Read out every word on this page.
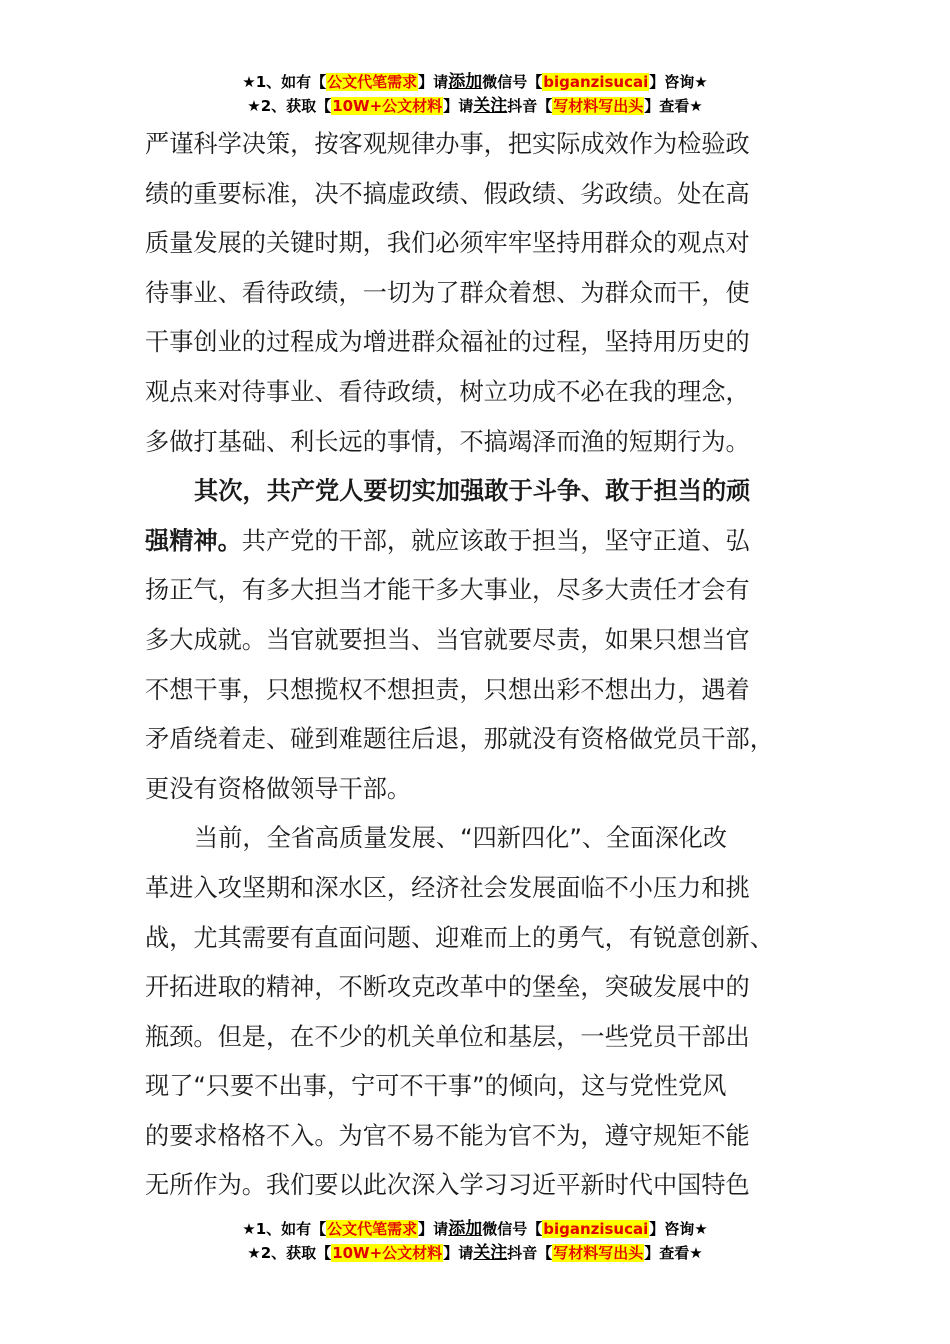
★1、如有【公文代笔需求】请添加微信号【biganzisucai】咨询★
★2、获取【10W+公文材料】请关注抖音【写材料写出头】查看★
严谨科学决策，按客观规律办事，把实际成效作为检验政
绩的重要标准，决不搞虚政绩、假政绩、劣政绩。处在高
质量发展的关键时期，我们必须牢牢坚持用群众的观点对
待事业、看待政绩，一切为了群众着想、为群众而干，使
干事创业的过程成为增进群众福祉的过程，坚持用历史的
观点来对待事业、看待政绩，树立功成不必在我的理念，
多做打基础、利长远的事情，不搞竭泽而渔的短期行为。
其次，共产党人要切实加强敢于斗争、敢于担当的顽
强精神。共产党的干部，就应该敢于担当，坚守正道、弘
扬正气，有多大担当才能干多大事业，尽多大责任才会有
多大成就。当官就要担当、当官就要尽责，如果只想当官
不想干事，只想揽权不想担责，只想出彩不想出力，遇着
矛盾绕着走、碰到难题往后退，那就没有资格做党员干部，
更没有资格做领导干部。
当前，全省高质量发展、“四新四化”、全面深化改
革进入攻坚期和深水区，经济社会发展面临不小压力和挑
战，尤其需要有直面问题、迎难而上的勇气，有锐意创新、
开拓进取的精神，不断攻克改革中的堡垒，突破发展中的
瓶颈。但是，在不少的机关单位和基层，一些党员干部出
现了“只要不出事，宁可不干事”的倾向，这与党性党风
的要求格格不入。为官不易不能为官不为，遵守规矩不能
无所作为。我们要以此次深入学习习近平新时代中国特色
★1、如有【公文代笔需求】请添加微信号【biganzisucai】咨询★
★2、获取【10W+公文材料】请关注抖音【写材料写出头】查看★
